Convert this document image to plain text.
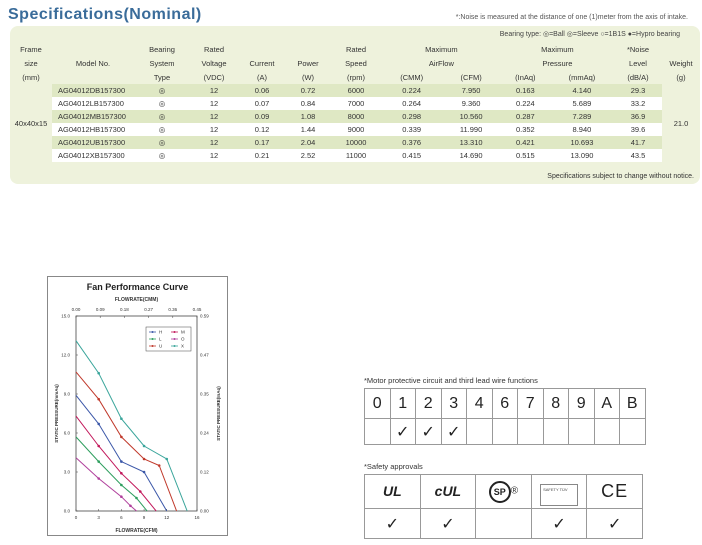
Specifications(Nominal)	*:Noise is measured at the distance of one (1)meter from the axis of intake.
Bearing type: ◎=Ball ◎=Sleeve ○=1B1S ●=Hypro bearing
Frame		Bearing	Rated			Rated	Maximum		Maximum		*Noise	
size	Model No.	System	Voltage	Current	Power	Speed	AirFlow		Pressure		Level	Weight
(mm)		Type	(VDC)	(A)	(W)	(rpm)	(CMM)	(CFM)	(InAq)	(mmAq)	(dB/A)	(g)
40x40x15	AG04012DB157300	◎	12	0.06	0.72	6000	0.224	7.950	0.163	4.140	29.3	21.0
	AG04012LB157300	◎	12	0.07	0.84	7000	0.264	9.360	0.224	5.689	33.2	
	AG04012MB157300	◎	12	0.09	1.08	8000	0.298	10.560	0.287	7.289	36.9	
	AG04012HB157300	◎	12	0.12	1.44	9000	0.339	11.990	0.352	8.940	39.6	
	AG04012UB157300	◎	12	0.17	2.04	10000	0.376	13.310	0.421	10.693	41.7	
	AG04012XB157300	◎	12	0.21	2.52	11000	0.415	14.690	0.515	13.090	43.5	
Specifications subject to change without notice.
Fan Performance Curve
FLOWRATE(CMM)
FLOWRATE(CFM)
STATIC PRESSURE(mmAq)	STATIC PRESSURE(InAq)
0	3	6	9	12	16
0.00	0.09	0.18	0.27	0.36	0.45
0.0
3.0
6.0
9.0
12.0
15.0
0.00
0.12
0.24
0.35
0.47
0.59
H	M
L	O
U	X
*Motor protective circuit and third lead wire functions
0	1	2	3	4	6	7	8	9	A	B
	✓	✓	✓							
*Safety approvals
UL	cUL	SP ®	SAFETY TÜV	CE
✓	✓		✓	✓
